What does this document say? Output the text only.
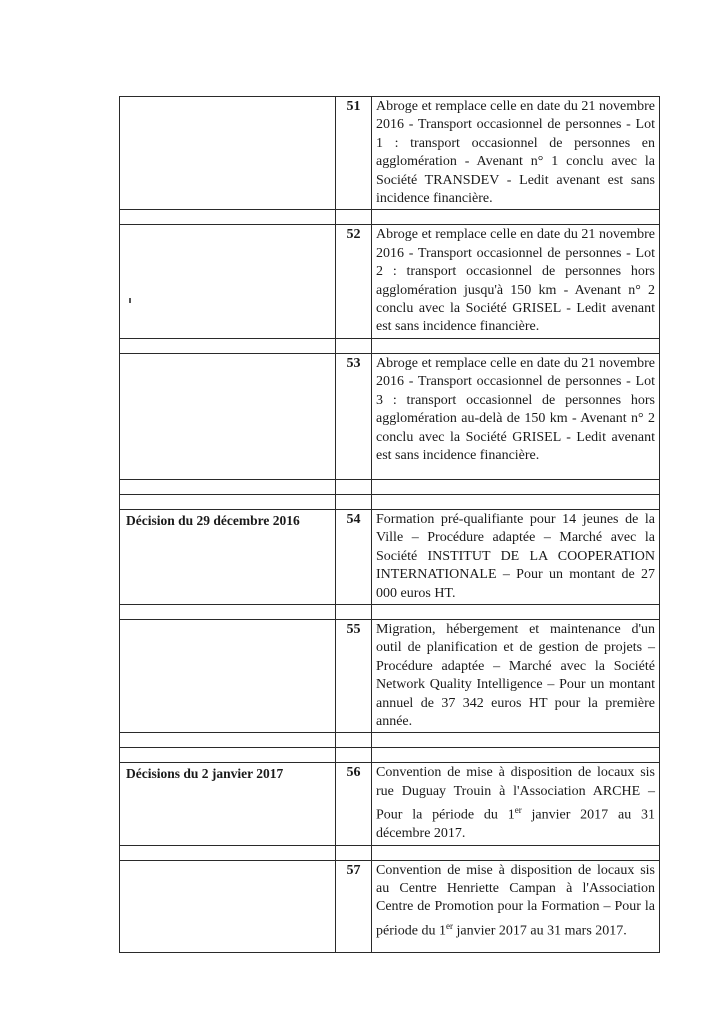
	51	Abroge et remplace celle en date du 21 novembre 2016 - Transport occasionnel de personnes - Lot 1 : transport occasionnel de personnes en agglomération - Avenant n° 1 conclu avec la Société TRANSDEV - Ledit avenant est sans incidence financière.

	52	Abroge et remplace celle en date du 21 novembre 2016 - Transport occasionnel de personnes - Lot 2 : transport occasionnel de personnes hors agglomération jusqu'à 150 km - Avenant n° 2 conclu avec la Société GRISEL - Ledit avenant est sans incidence financière.

	53	Abroge et remplace celle en date du 21 novembre 2016 - Transport occasionnel de personnes - Lot 3 : transport occasionnel de personnes hors agglomération au-delà de 150 km - Avenant n° 2 conclu avec la Société GRISEL - Ledit avenant est sans incidence financière.

Décision du 29 décembre 2016	54	Formation pré-qualifiante pour 14 jeunes de la Ville – Procédure adaptée – Marché avec la Société INSTITUT DE LA COOPERATION INTERNATIONALE – Pour un montant de 27 000 euros HT.

	55	Migration, hébergement et maintenance d'un outil de planification et de gestion de projets – Procédure adaptée – Marché avec la Société Network Quality Intelligence – Pour un montant annuel de 37 342 euros HT pour la première année.

Décisions du 2 janvier 2017	56	Convention de mise à disposition de locaux sis rue Duguay Trouin à l'Association ARCHE – Pour la période du 1er janvier 2017 au 31 décembre 2017.

	57	Convention de mise à disposition de locaux sis au Centre Henriette Campan à l'Association Centre de Promotion pour la Formation – Pour la période du 1er janvier 2017 au 31 mars 2017.
